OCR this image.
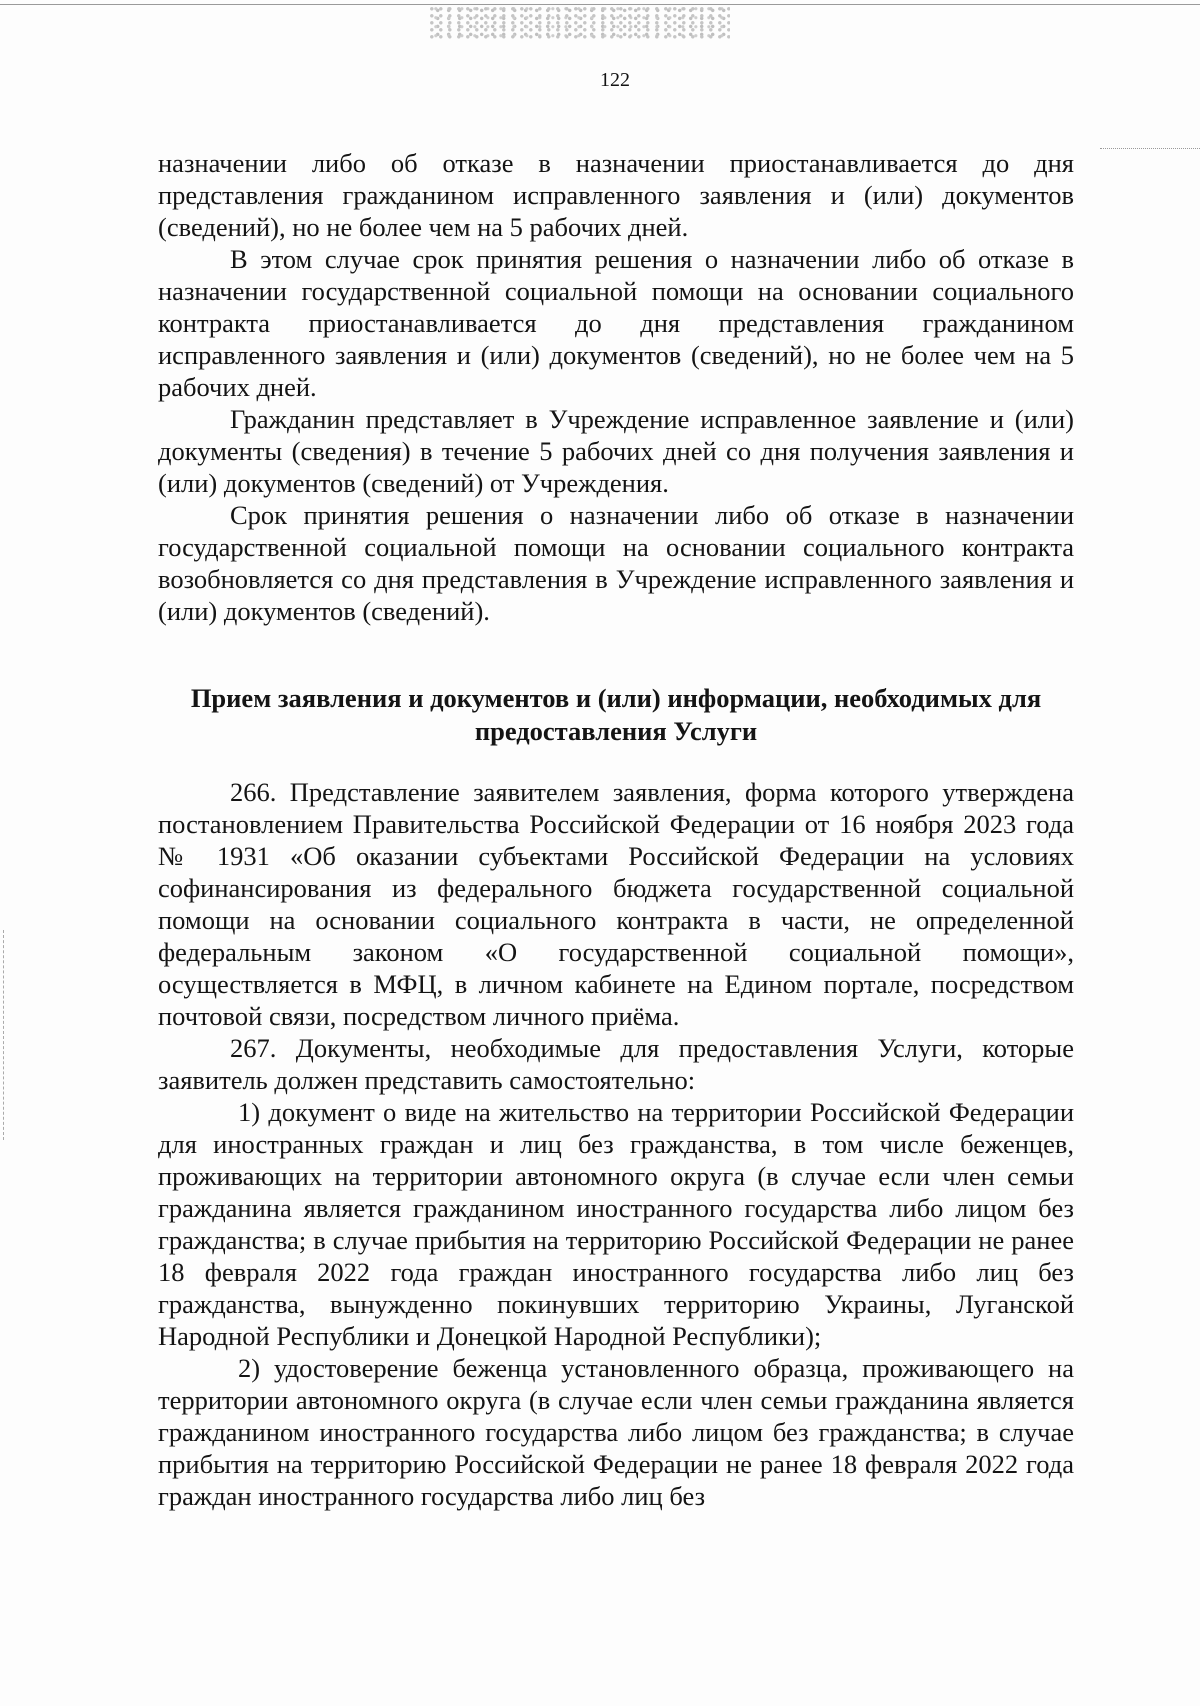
122

назначении либо об отказе в назначении приостанавливается до дня представления гражданином исправленного заявления и (или) документов (сведений), но не более чем на 5 рабочих дней.

В этом случае срок принятия решения о назначении либо об отказе в назначении государственной социальной помощи на основании социального контракта приостанавливается до дня представления гражданином исправленного заявления и (или) документов (сведений), но не более чем на 5 рабочих дней.

Гражданин представляет в Учреждение исправленное заявление и (или) документы (сведения) в течение 5 рабочих дней со дня получения заявления и (или) документов (сведений) от Учреждения.

Срок принятия решения о назначении либо об отказе в назначении государственной социальной помощи на основании социального контракта возобновляется со дня представления в Учреждение исправленного заявления и (или) документов (сведений).

Прием заявления и документов и (или) информации, необходимых для предоставления Услуги

266. Представление заявителем заявления, форма которого утверждена постановлением Правительства Российской Федерации от 16 ноября 2023 года № 1931 «Об оказании субъектами Российской Федерации на условиях софинансирования из федерального бюджета государственной социальной помощи на основании социального контракта в части, не определенной федеральным законом «О государственной социальной помощи», осуществляется в МФЦ, в личном кабинете на Едином портале, посредством почтовой связи, посредством личного приёма.

267. Документы, необходимые для предоставления Услуги, которые заявитель должен представить самостоятельно:

1) документ о виде на жительство на территории Российской Федерации для иностранных граждан и лиц без гражданства, в том числе беженцев, проживающих на территории автономного округа (в случае если член семьи гражданина является гражданином иностранного государства либо лицом без гражданства; в случае прибытия на территорию Российской Федерации не ранее 18 февраля 2022 года граждан иностранного государства либо лиц без гражданства, вынужденно покинувших территорию Украины, Луганской Народной Республики и Донецкой Народной Республики);

2) удостоверение беженца установленного образца, проживающего на территории автономного округа (в случае если член семьи гражданина является гражданином иностранного государства либо лицом без гражданства; в случае прибытия на территорию Российской Федерации не ранее 18 февраля 2022 года граждан иностранного государства либо лиц без
